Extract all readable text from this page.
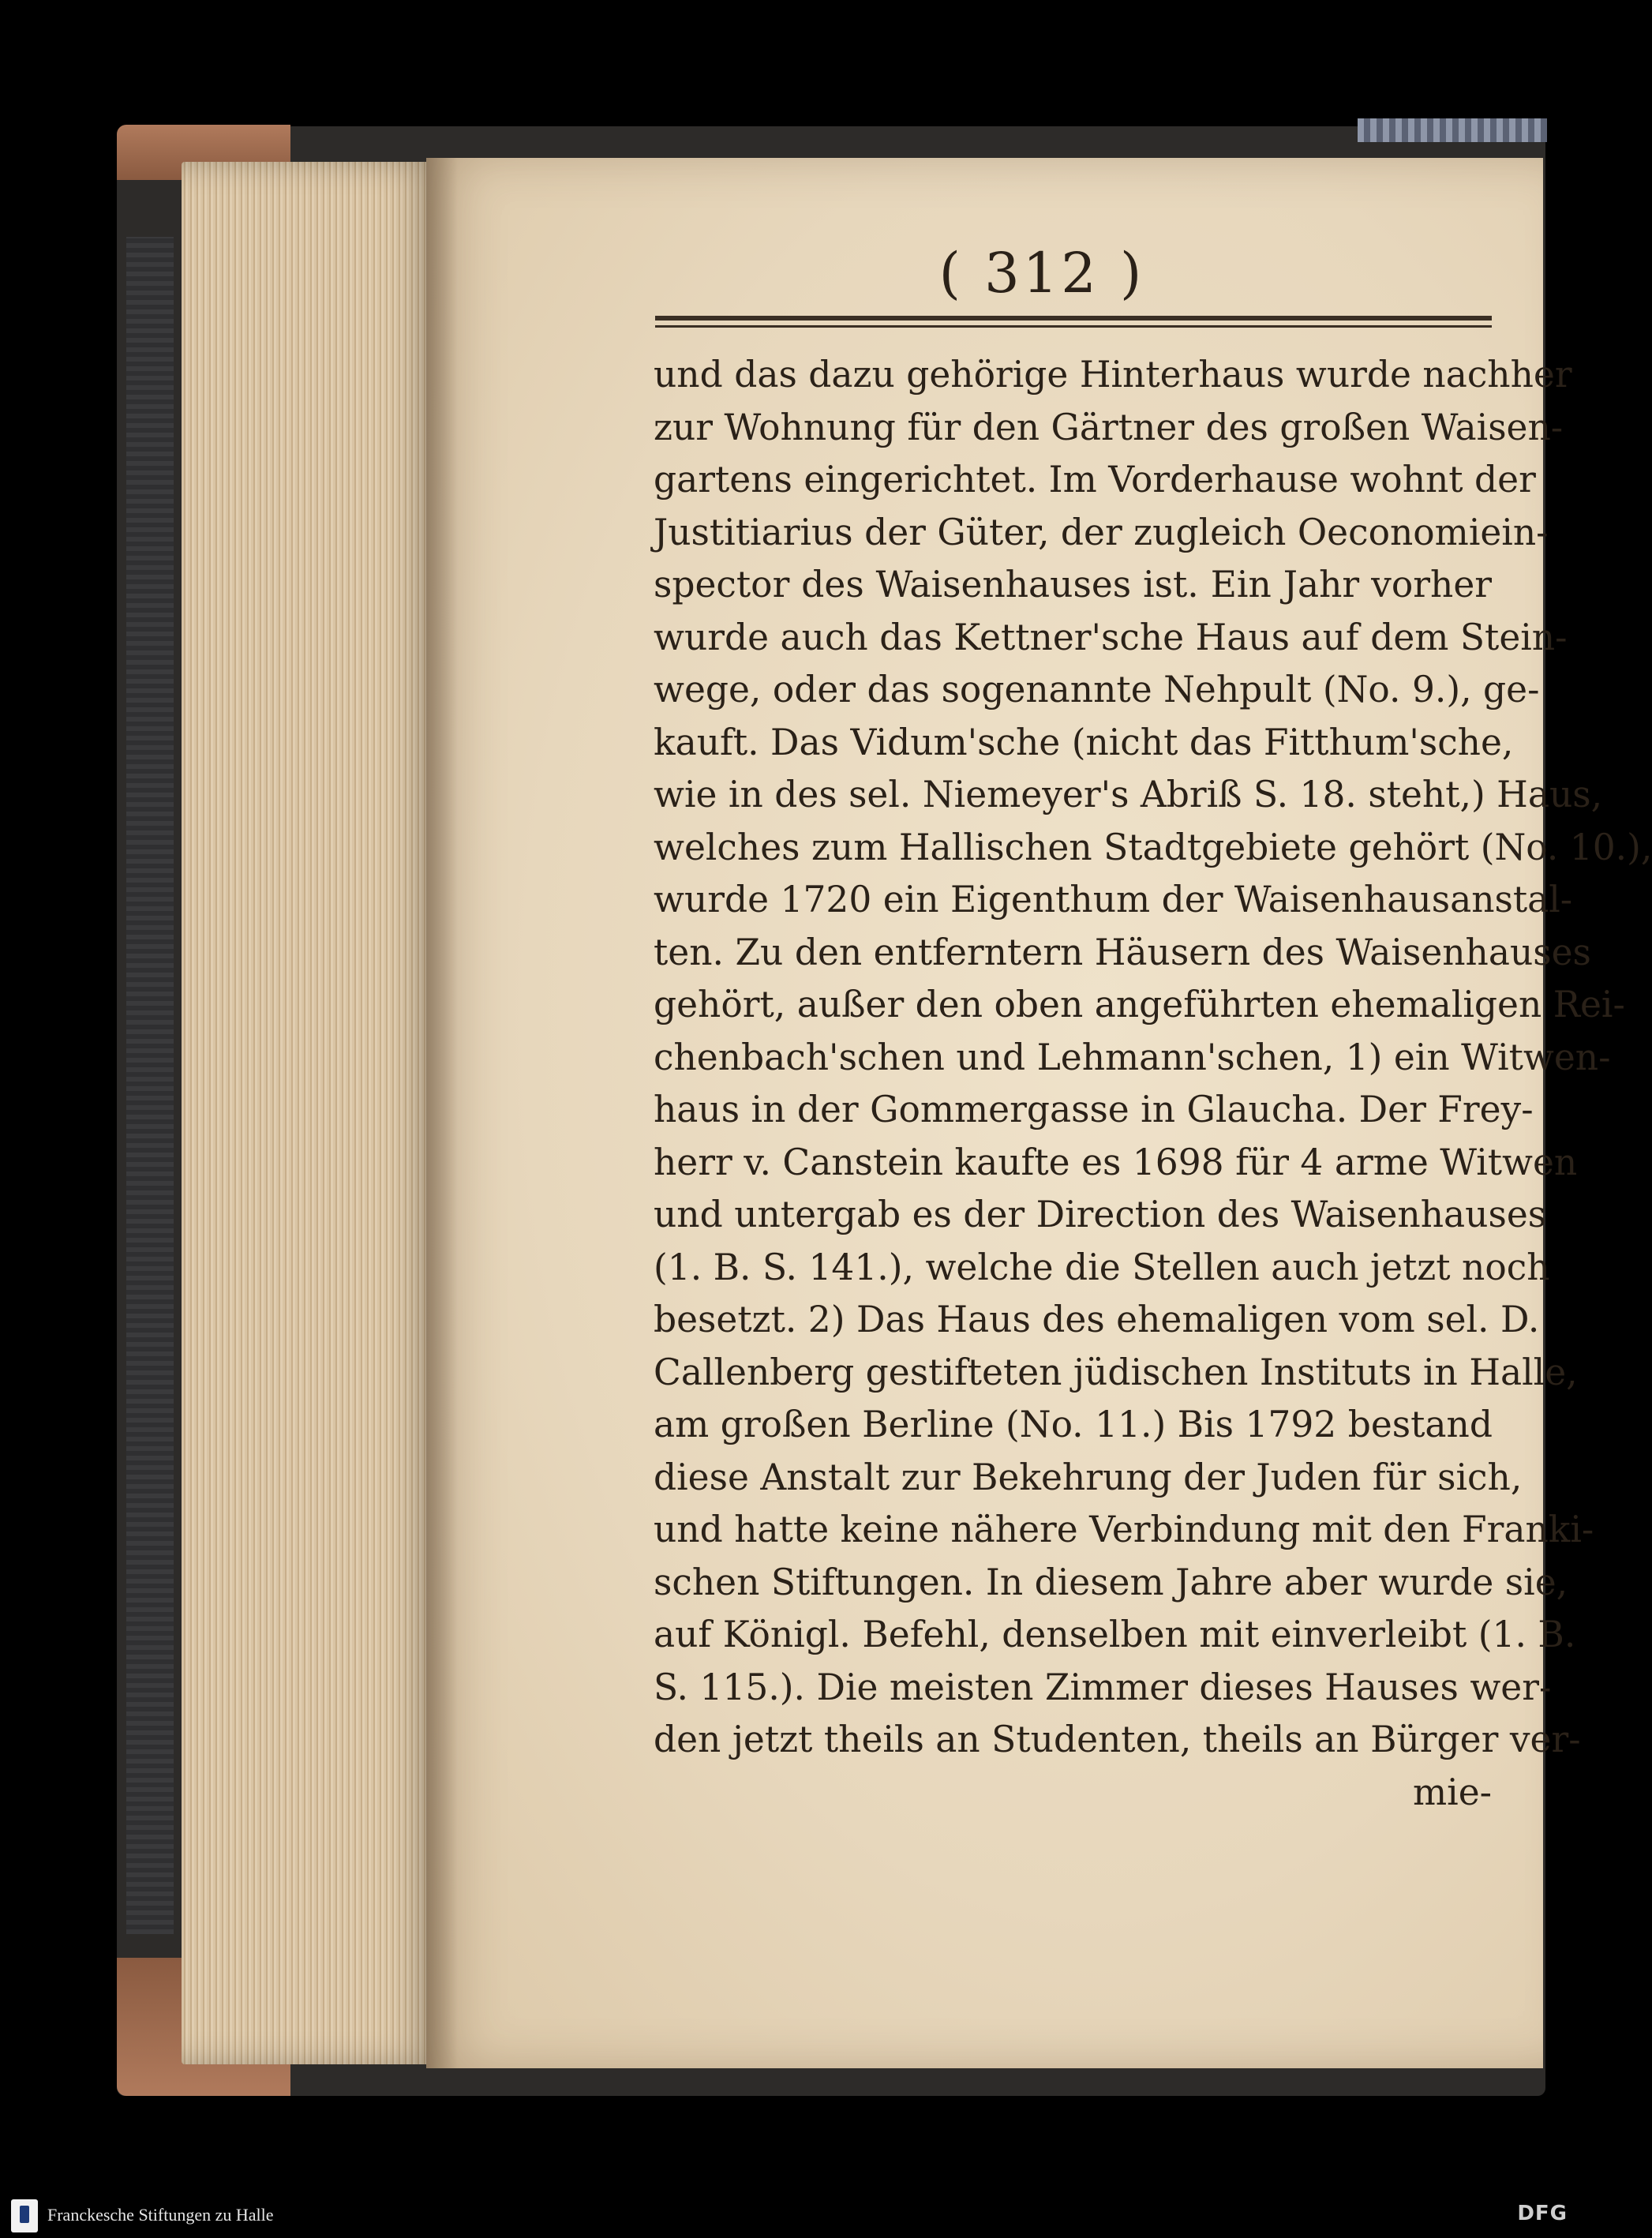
( 312 )
und das dazu gehörige Hinterhaus wurde nachher
zur Wohnung für den Gärtner des großen Waisen-
gartens eingerichtet. Im Vorderhause wohnt der
Justitiarius der Güter, der zugleich Oeconomiein-
spector des Waisenhauses ist. Ein Jahr vorher
wurde auch das Kettner'sche Haus auf dem Stein-
wege, oder das sogenannte Nehpult (No. 9.), ge-
kauft. Das Vidum'sche (nicht das Fitthum'sche,
wie in des sel. Niemeyer's Abriß S. 18. steht,) Haus,
welches zum Hallischen Stadtgebiete gehört (No. 10.),
wurde 1720 ein Eigenthum der Waisenhausanstal-
ten. Zu den entferntern Häusern des Waisenhauses
gehört, außer den oben angeführten ehemaligen Rei-
chenbach'schen und Lehmann'schen, 1) ein Witwen-
haus in der Gommergasse in Glaucha. Der Frey-
herr v. Canstein kaufte es 1698 für 4 arme Witwen
und untergab es der Direction des Waisenhauses
(1. B. S. 141.), welche die Stellen auch jetzt noch
besetzt. 2) Das Haus des ehemaligen vom sel. D.
Callenberg gestifteten jüdischen Instituts in Halle,
am großen Berline (No. 11.) Bis 1792 bestand
diese Anstalt zur Bekehrung der Juden für sich,
und hatte keine nähere Verbindung mit den Franki-
schen Stiftungen. In diesem Jahre aber wurde sie,
auf Königl. Befehl, denselben mit einverleibt (1. B.
S. 115.). Die meisten Zimmer dieses Hauses wer-
den jetzt theils an Studenten, theils an Bürger ver-
mie-
Franckesche Stiftungen zu Halle	DFG
